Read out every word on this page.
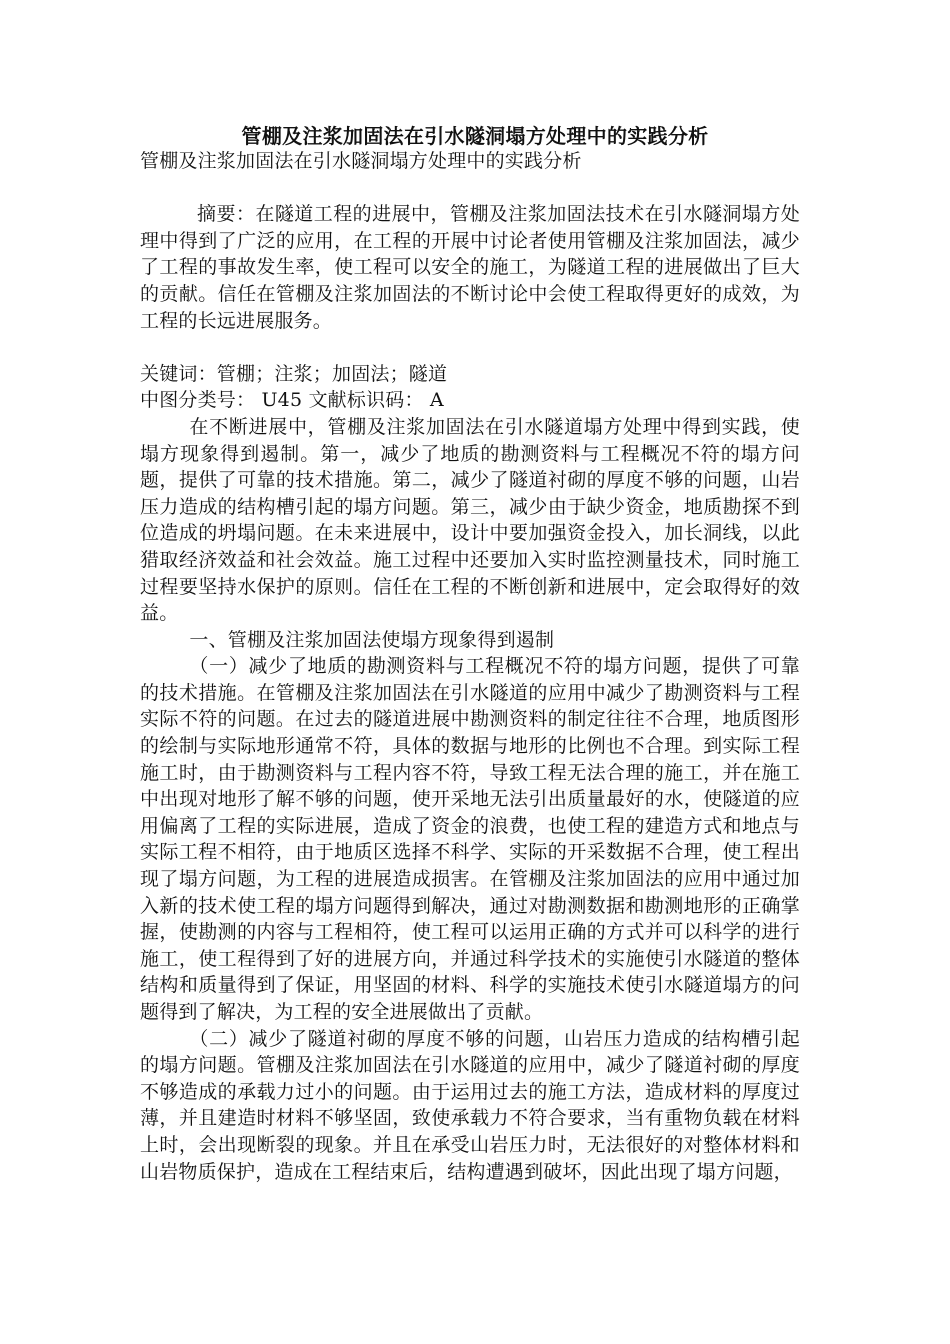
管棚及注浆加固法在引水隧洞塌方处理中的实践分析

管棚及注浆加固法在引水隧洞塌方处理中的实践分析

摘要：在隧道工程的进展中，管棚及注浆加固法技术在引水隧洞塌方处理中得到了广泛的应用，在工程的开展中讨论者使用管棚及注浆加固法，减少了工程的事故发生率，使工程可以安全的施工，为隧道工程的进展做出了巨大的贡献。信任在管棚及注浆加固法的不断讨论中会使工程取得更好的成效，为工程的长远进展服务。

关键词：管棚；注浆；加固法；隧道

中图分类号： U45 文献标识码： A

在不断进展中，管棚及注浆加固法在引水隧道塌方处理中得到实践，使塌方现象得到遏制。第一，减少了地质的勘测资料与工程概况不符的塌方问题，提供了可靠的技术措施。第二，减少了隧道衬砌的厚度不够的问题，山岩压力造成的结构槽引起的塌方问题。第三，减少由于缺少资金，地质勘探不到位造成的坍塌问题。在未来进展中，设计中要加强资金投入，加长洞线，以此猎取经济效益和社会效益。施工过程中还要加入实时监控测量技术，同时施工过程要坚持水保护的原则。信任在工程的不断创新和进展中，定会取得好的效益。

一、管棚及注浆加固法使塌方现象得到遏制

（一）减少了地质的勘测资料与工程概况不符的塌方问题，提供了可靠的技术措施。在管棚及注浆加固法在引水隧道的应用中减少了勘测资料与工程实际不符的问题。在过去的隧道进展中勘测资料的制定往往不合理，地质图形的绘制与实际地形通常不符，具体的数据与地形的比例也不合理。到实际工程施工时，由于勘测资料与工程内容不符，导致工程无法合理的施工，并在施工中出现对地形了解不够的问题，使开采地无法引出质量最好的水，使隧道的应用偏离了工程的实际进展，造成了资金的浪费，也使工程的建造方式和地点与实际工程不相符，由于地质区选择不科学、实际的开采数据不合理，使工程出现了塌方问题，为工程的进展造成损害。在管棚及注浆加固法的应用中通过加入新的技术使工程的塌方问题得到解决，通过对勘测数据和勘测地形的正确掌握，使勘测的内容与工程相符，使工程可以运用正确的方式并可以科学的进行施工，使工程得到了好的进展方向，并通过科学技术的实施使引水隧道的整体结构和质量得到了保证，用坚固的材料、科学的实施技术使引水隧道塌方的问题得到了解决，为工程的安全进展做出了贡献。

（二）减少了隧道衬砌的厚度不够的问题，山岩压力造成的结构槽引起的塌方问题。管棚及注浆加固法在引水隧道的应用中，减少了隧道衬砌的厚度不够造成的承载力过小的问题。由于运用过去的施工方法，造成材料的厚度过薄，并且建造时材料不够坚固，致使承载力不符合要求，当有重物负载在材料上时，会出现断裂的现象。并且在承受山岩压力时，无法很好的对整体材料和山岩物质保护，造成在工程结束后，结构遭遇到破坏，因此出现了塌方问题，
